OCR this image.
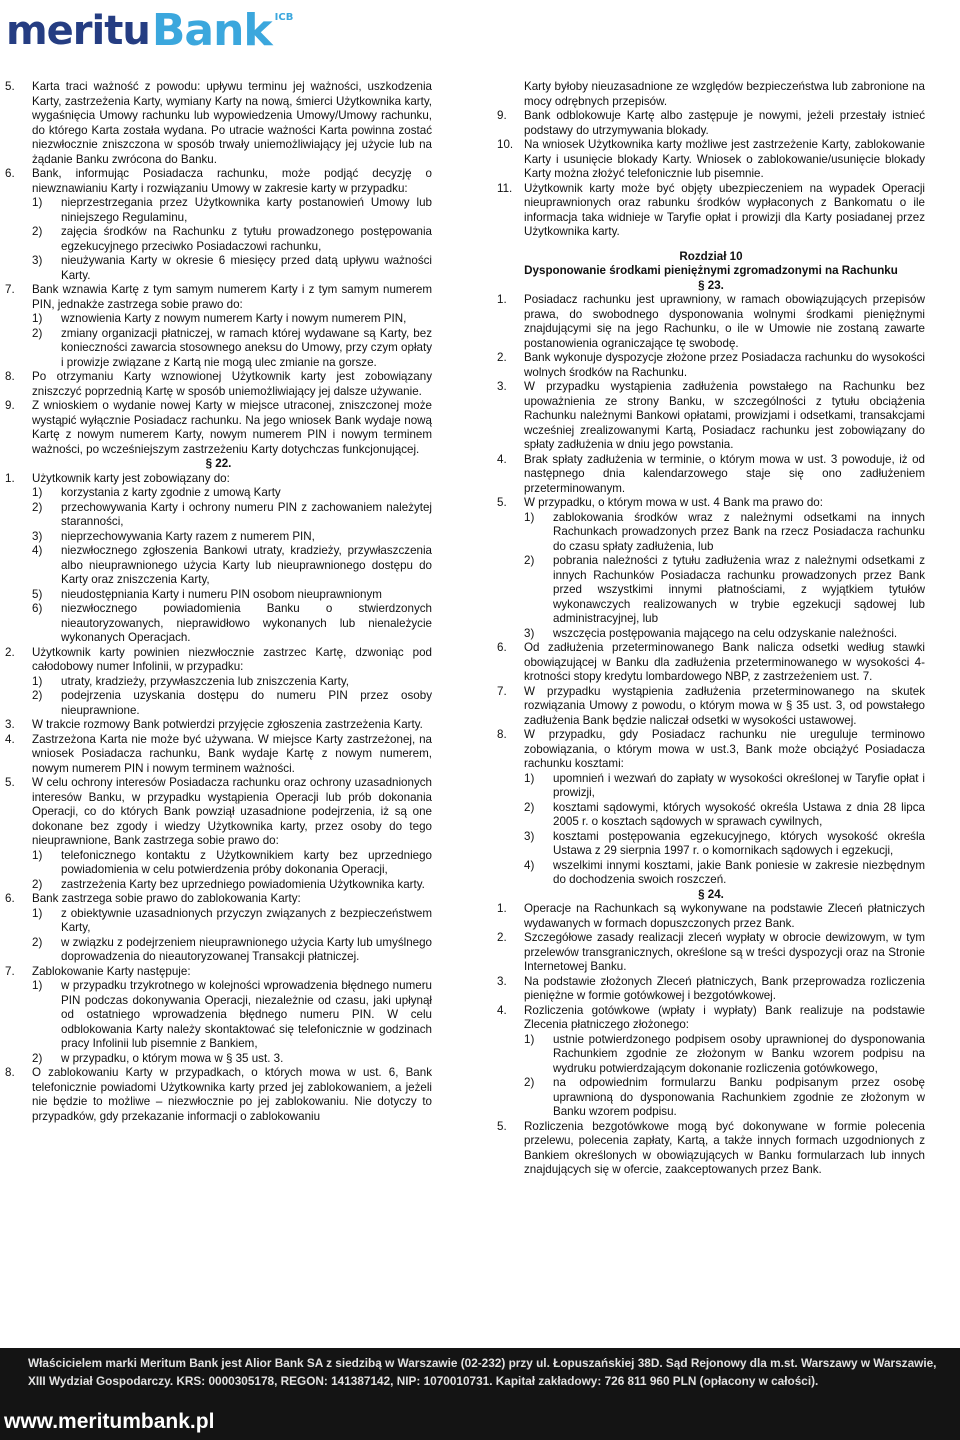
meritu Bank ICB
5. Karta traci ważność z powodu: upływu terminu jej ważności, uszkodzenia Karty, zastrzeżenia Karty, wymiany Karty na nową, śmierci Użytkownika karty, wygaśnięcia Umowy rachunku lub wypowiedzenia Umowy/Umowy rachunku, do którego Karta została wydana. Po utracie ważności Karta powinna zostać niezwłocznie zniszczona w sposób trwały uniemożliwiający jej użycie lub na żądanie Banku zwrócona do Banku.
6. Bank, informując Posiadacza rachunku, może podjąć decyzję o niewznawianiu Karty i rozwiązaniu Umowy w zakresie karty w przypadku:
1) nieprzestrzegania przez Użytkownika karty postanowień Umowy lub niniejszego Regulaminu,
2) zajęcia środków na Rachunku z tytułu prowadzonego postępowania egzekucyjnego przeciwko Posiadaczowi rachunku,
3) nieużywania Karty w okresie 6 miesięcy przed datą upływu ważności Karty.
7. Bank wznawia Kartę z tym samym numerem Karty i z tym samym numerem PIN, jednakże zastrzega sobie prawo do:
1) wznowienia Karty z nowym numerem Karty i nowym numerem PIN,
2) zmiany organizacji płatniczej, w ramach której wydawane są Karty, bez konieczności zawarcia stosownego aneksu do Umowy, przy czym opłaty i prowizje związane z Kartą nie mogą ulec zmianie na gorsze.
8. Po otrzymaniu Karty wznowionej Użytkownik karty jest zobowiązany zniszczyć poprzednią Kartę w sposób uniemożliwiający jej dalsze używanie.
9. Z wnioskiem o wydanie nowej Karty w miejsce utraconej, zniszczonej może wystąpić wyłącznie Posiadacz rachunku. Na jego wniosek Bank wydaje nową Kartę z nowym numerem Karty, nowym numerem PIN i nowym terminem ważności, po wcześniejszym zastrzeżeniu Karty dotychczas funkcjonującej.
§ 22.
1. Użytkownik karty jest zobowiązany do:
1) korzystania z karty zgodnie z umową Karty
2) przechowywania Karty i ochrony numeru PIN z zachowaniem należytej staranności,
3) nieprzechowywania Karty razem z numerem PIN,
4) niezwłocznego zgłoszenia Bankowi utraty, kradzieży, przywłaszczenia albo nieuprawnionego użycia Karty lub nieuprawnionego dostępu do Karty oraz zniszczenia Karty,
5) nieudostępniania Karty i numeru PIN osobom nieuprawnionym
6) niezwłocznego powiadomienia Banku o stwierdzonych nieautoryzowanych, nieprawidłowo wykonanych lub nienależycie wykonanych Operacjach.
2. Użytkownik karty powinien niezwłocznie zastrzec Kartę, dzwoniąc pod całodobowy numer Infolinii, w przypadku:
1) utraty, kradzieży, przywłaszczenia lub zniszczenia Karty,
2) podejrzenia uzyskania dostępu do numeru PIN przez osoby nieuprawnione.
3. W trakcie rozmowy Bank potwierdzi przyjęcie zgłoszenia zastrzeżenia Karty.
4. Zastrzeżona Karta nie może być używana. W miejsce Karty zastrzeżonej, na wniosek Posiadacza rachunku, Bank wydaje Kartę z nowym numerem, nowym numerem PIN i nowym terminem ważności.
5. W celu ochrony interesów Posiadacza rachunku oraz ochrony uzasadnionych interesów Banku, w przypadku wystąpienia Operacji lub prób dokonania Operacji, co do których Bank powziął uzasadnione podejrzenia, iż są one dokonane bez zgody i wiedzy Użytkownika karty, przez osoby do tego nieuprawnione, Bank zastrzega sobie prawo do:
1) telefonicznego kontaktu z Użytkownikiem karty bez uprzedniego powiadomienia w celu potwierdzenia próby dokonania Operacji,
2) zastrzeżenia Karty bez uprzedniego powiadomienia Użytkownika karty.
6. Bank zastrzega sobie prawo do zablokowania Karty:
1) z obiektywnie uzasadnionych przyczyn związanych z bezpieczeństwem Karty,
2) w związku z podejrzeniem nieuprawnionego użycia Karty lub umyślnego doprowadzenia do nieautoryzowanej Transakcji płatniczej.
7. Zablokowanie Karty następuje:
1) w przypadku trzykrotnego w kolejności wprowadzenia błędnego numeru PIN podczas dokonywania Operacji, niezależnie od czasu, jaki upłynął od ostatniego wprowadzenia błędnego numeru PIN. W celu odblokowania Karty należy skontaktować się telefonicznie w godzinach pracy Infolinii lub pisemnie z Bankiem,
2) w przypadku, o którym mowa w § 35 ust. 3.
8. O zablokowaniu Karty w przypadkach, o których mowa w ust. 6, Bank telefonicznie powiadomi Użytkownika karty przed jej zablokowaniem, a jeżeli nie będzie to możliwe – niezwłocznie po jej zablokowaniu. Nie dotyczy to przypadków, gdy przekazanie informacji o zablokowaniu
Karty byłoby nieuzasadnione ze względów bezpieczeństwa lub zabronione na mocy odrębnych przepisów.
9. Bank odblokowuje Kartę albo zastępuje je nowymi, jeżeli przestały istnieć podstawy do utrzymywania blokady.
10. Na wniosek Użytkownika karty możliwe jest zastrzeżenie Karty, zablokowanie Karty i usunięcie blokady Karty. Wniosek o zablokowanie/usunięcie blokady Karty można złożyć telefonicznie lub pisemnie.
11. Użytkownik karty może być objęty ubezpieczeniem na wypadek Operacji nieuprawnionych oraz rabunku środków wypłaconych z Bankomatu o ile informacja taka widnieje w Taryfie opłat i prowizji dla Karty posiadanej przez Użytkownika karty.
Rozdział 10
Dysponowanie środkami pieniężnymi zgromadzonymi na Rachunku
§ 23.
1. Posiadacz rachunku jest uprawniony, w ramach obowiązujących przepisów prawa, do swobodnego dysponowania wolnymi środkami pieniężnymi znajdującymi się na jego Rachunku, o ile w Umowie nie zostaną zawarte postanowienia ograniczające tę swobodę.
2. Bank wykonuje dyspozycje złożone przez Posiadacza rachunku do wysokości wolnych środków na Rachunku.
3. W przypadku wystąpienia zadłużenia powstałego na Rachunku bez upoważnienia ze strony Banku, w szczególności z tytułu obciążenia Rachunku należnymi Bankowi opłatami, prowizjami i odsetkami, transakcjami wcześniej zrealizowanymi Kartą, Posiadacz rachunku jest zobowiązany do spłaty zadłużenia w dniu jego powstania.
4. Brak spłaty zadłużenia w terminie, o którym mowa w ust. 3 powoduje, iż od następnego dnia kalendarzowego staje się ono zadłużeniem przeterminowanym.
5. W przypadku, o którym mowa w ust. 4 Bank ma prawo do:
1) zablokowania środków wraz z należnymi odsetkami na innych Rachunkach prowadzonych przez Bank na rzecz Posiadacza rachunku do czasu spłaty zadłużenia, lub
2) pobrania należności z tytułu zadłużenia wraz z należnymi odsetkami z innych Rachunków Posiadacza rachunku prowadzonych przez Bank przed wszystkimi innymi płatnościami, z wyjątkiem tytułów wykonawczych realizowanych w trybie egzekucji sądowej lub administracyjnej, lub
3) wszczęcia postępowania mającego na celu odzyskanie należności.
6. Od zadłużenia przeterminowanego Bank nalicza odsetki według stawki obowiązującej w Banku dla zadłużenia przeterminowanego w wysokości 4-krotności stopy kredytu lombardowego NBP, z zastrzeżeniem ust. 7.
7. W przypadku wystąpienia zadłużenia przeterminowanego na skutek rozwiązania Umowy z powodu, o którym mowa w § 35 ust. 3, od powstałego zadłużenia Bank będzie naliczał odsetki w wysokości ustawowej.
8. W przypadku, gdy Posiadacz rachunku nie ureguluje terminowo zobowiązania, o którym mowa w ust.3, Bank może obciążyć Posiadacza rachunku kosztami:
1) upomnień i wezwań do zapłaty w wysokości określonej w Taryfie opłat i prowizji,
2) kosztami sądowymi, których wysokość określa Ustawa z dnia 28 lipca 2005 r. o kosztach sądowych w sprawach cywilnych,
3) kosztami postępowania egzekucyjnego, których wysokość określa Ustawa z 29 sierpnia 1997 r. o komornikach sądowych i egzekucji,
4) wszelkimi innymi kosztami, jakie Bank poniesie w zakresie niezbędnym do dochodzenia swoich roszczeń.
§ 24.
1. Operacje na Rachunkach są wykonywane na podstawie Zleceń płatniczych wydawanych w formach dopuszczonych przez Bank.
2. Szczegółowe zasady realizacji zleceń wypłaty w obrocie dewizowym, w tym przelewów transgranicznych, określone są w treści dyspozycji oraz na Stronie Internetowej Banku.
3. Na podstawie złożonych Zleceń płatniczych, Bank przeprowadza rozliczenia pieniężne w formie gotówkowej i bezgotówkowej.
4. Rozliczenia gotówkowe (wpłaty i wypłaty) Bank realizuje na podstawie Zlecenia płatniczego złożonego:
1) ustnie potwierdzonego podpisem osoby uprawnionej do dysponowania Rachunkiem zgodnie ze złożonym w Banku wzorem podpisu na wydruku potwierdzającym dokonanie rozliczenia gotówkowego,
2) na odpowiednim formularzu Banku podpisanym przez osobę uprawnioną do dysponowania Rachunkiem zgodnie ze złożonym w Banku wzorem podpisu.
5. Rozliczenia bezgotówkowe mogą być dokonywane w formie polecenia przelewu, polecenia zapłaty, Kartą, a także innych formach uzgodnionych z Bankiem określonych w obowiązujących w Banku formularzach lub innych znajdujących się w ofercie, zaakceptowanych przez Bank.
Właścicielem marki Meritum Bank jest Alior Bank SA z siedzibą w Warszawie (02-232) przy ul. Łopuszańskiej 38D. Sąd Rejonowy dla m.st. Warszawy w Warszawie,
XIII Wydział Gospodarczy. KRS: 0000305178, REGON: 141387142, NIP: 1070010731. Kapitał zakładowy: 726 811 960 PLN (opłacony w całości).
www.meritumbank.pl
